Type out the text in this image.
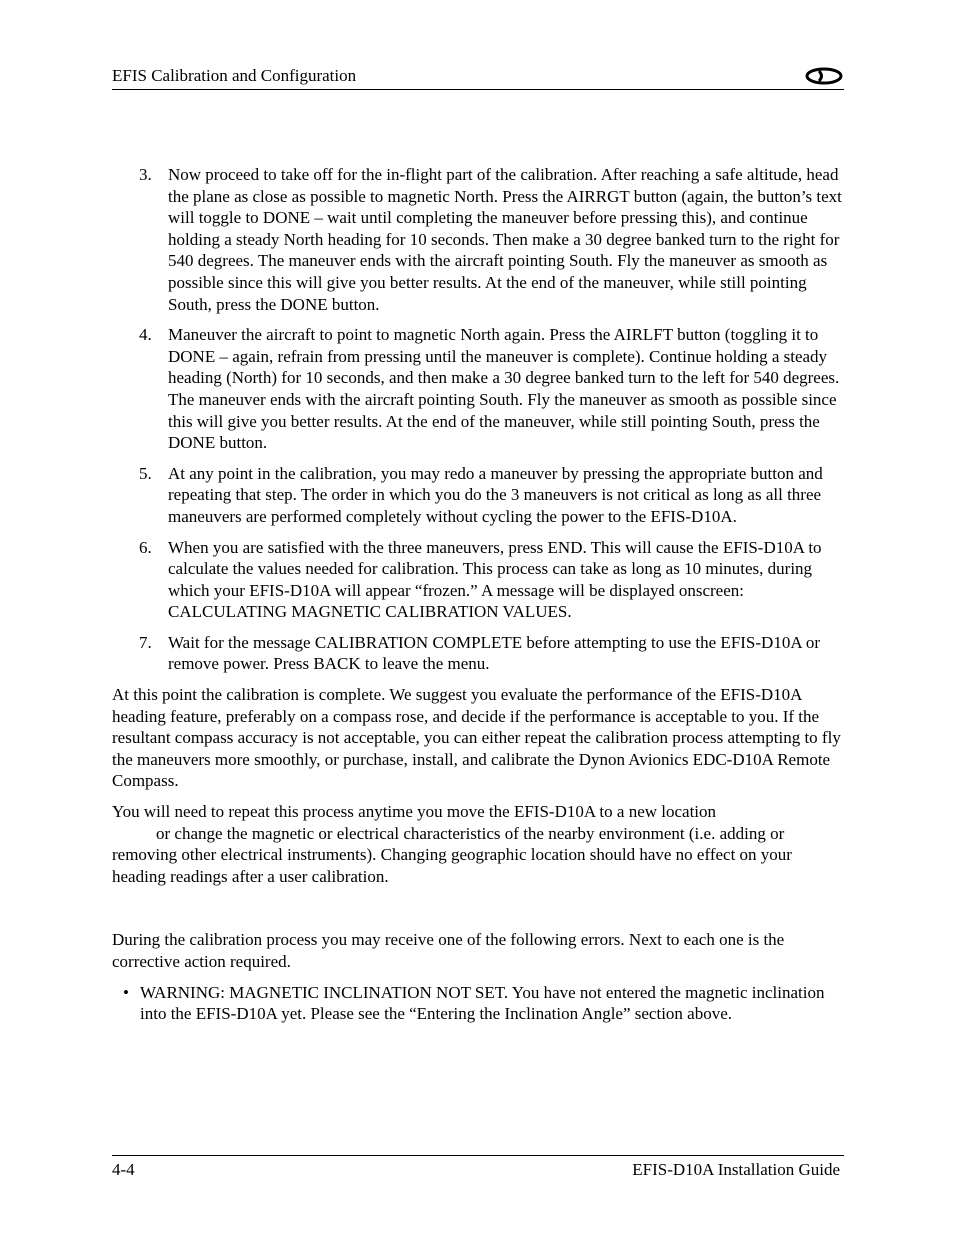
EFIS Calibration and Configuration
3. Now proceed to take off for the in-flight part of the calibration. After reaching a safe altitude, head the plane as close as possible to magnetic North. Press the AIRRGT button (again, the button’s text will toggle to DONE – wait until completing the maneuver before pressing this), and continue holding a steady North heading for 10 seconds. Then make a 30 degree banked turn to the right for 540 degrees. The maneuver ends with the aircraft pointing South. Fly the maneuver as smooth as possible since this will give you better results. At the end of the maneuver, while still pointing South, press the DONE button.
4. Maneuver the aircraft to point to magnetic North again. Press the AIRLFT button (toggling it to DONE – again, refrain from pressing until the maneuver is complete). Continue holding a steady heading (North) for 10 seconds, and then make a 30 degree banked turn to the left for 540 degrees. The maneuver ends with the aircraft pointing South. Fly the maneuver as smooth as possible since this will give you better results. At the end of the maneuver, while still pointing South, press the DONE button.
5. At any point in the calibration, you may redo a maneuver by pressing the appropriate button and repeating that step. The order in which you do the 3 maneuvers is not critical as long as all three maneuvers are performed completely without cycling the power to the EFIS-D10A.
6. When you are satisfied with the three maneuvers, press END. This will cause the EFIS-D10A to calculate the values needed for calibration. This process can take as long as 10 minutes, during which your EFIS-D10A will appear “frozen.” A message will be displayed onscreen: CALCULATING MAGNETIC CALIBRATION VALUES.
7. Wait for the message CALIBRATION COMPLETE before attempting to use the EFIS-D10A or remove power. Press BACK to leave the menu.

At this point the calibration is complete. We suggest you evaluate the performance of the EFIS-D10A heading feature, preferably on a compass rose, and decide if the performance is acceptable to you. If the resultant compass accuracy is not acceptable, you can either repeat the calibration process attempting to fly the maneuvers more smoothly, or purchase, install, and calibrate the Dynon Avionics EDC-D10A Remote Compass.

You will need to repeat this process anytime you move the EFIS-D10A to a new location
or change the magnetic or electrical characteristics of the nearby environment (i.e. adding or removing other electrical instruments). Changing geographic location should have no effect on your heading readings after a user calibration.

During the calibration process you may receive one of the following errors. Next to each one is the corrective action required.

• WARNING: MAGNETIC INCLINATION NOT SET. You have not entered the magnetic inclination into the EFIS-D10A yet. Please see the “Entering the Inclination Angle” section above.
4-4	EFIS-D10A Installation Guide
